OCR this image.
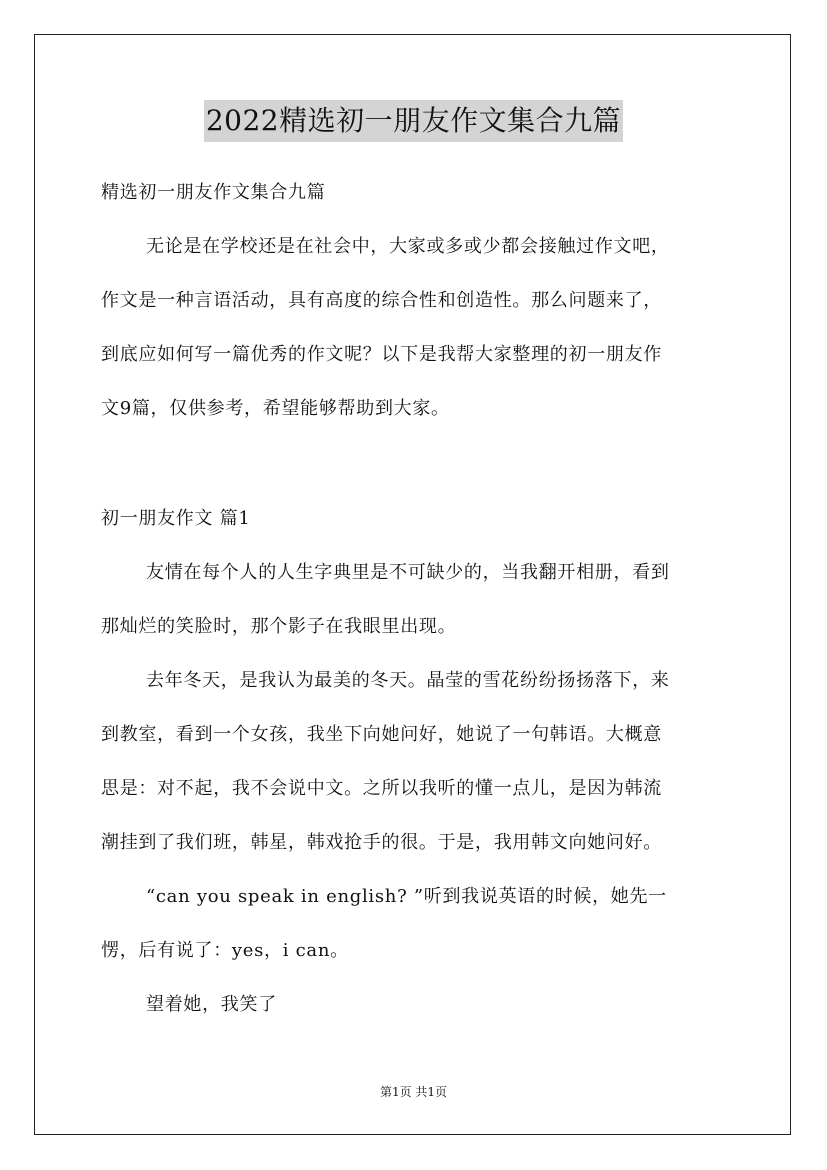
2022精选初一朋友作文集合九篇
精选初一朋友作文集合九篇
无论是在学校还是在社会中，大家或多或少都会接触过作文吧，
作文是一种言语活动，具有高度的综合性和创造性。那么问题来了，
到底应如何写一篇优秀的作文呢？以下是我帮大家整理的初一朋友作
文9篇，仅供参考，希望能够帮助到大家。
初一朋友作文 篇1
友情在每个人的人生字典里是不可缺少的，当我翻开相册，看到
那灿烂的笑脸时，那个影子在我眼里出现。
去年冬天，是我认为最美的冬天。晶莹的雪花纷纷扬扬落下，来
到教室，看到一个女孩，我坐下向她问好，她说了一句韩语。大概意
思是：对不起，我不会说中文。之所以我听的懂一点儿，是因为韩流
潮挂到了我们班，韩星，韩戏抢手的很。于是，我用韩文向她问好。
“can you speak in english? ”听到我说英语的时候，她先一
愣，后有说了：yes，i can。
望着她，我笑了
第1页 共1页
